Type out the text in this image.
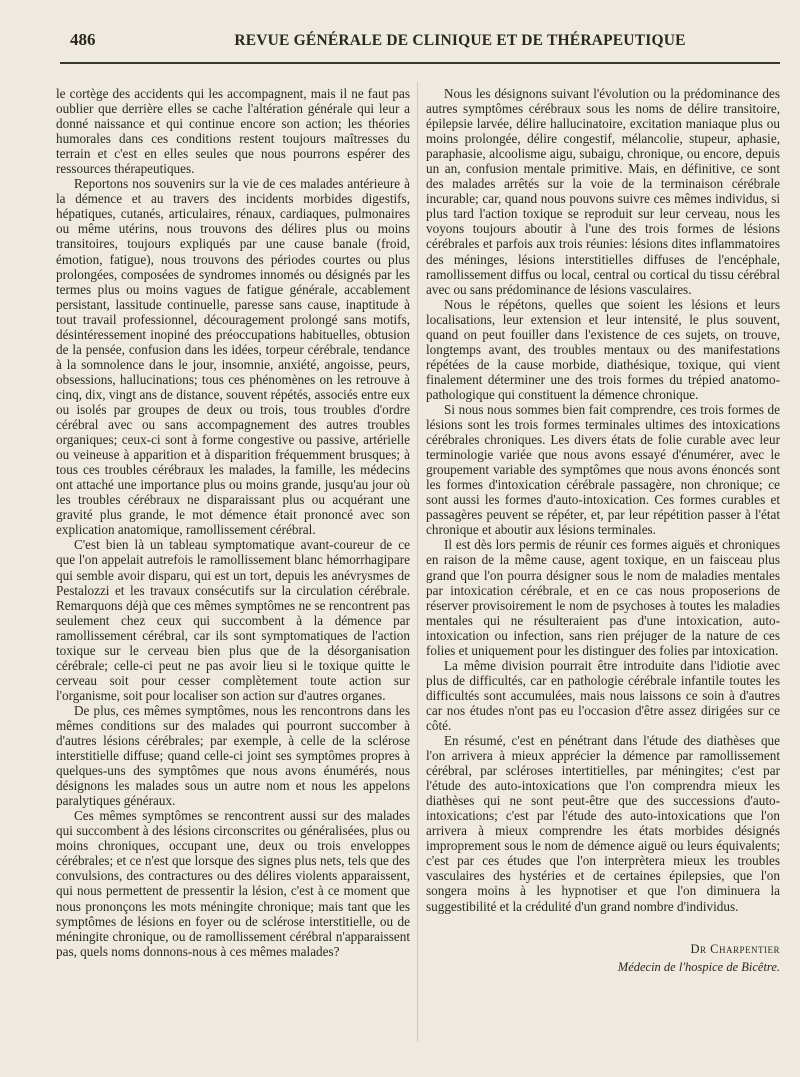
486	REVUE GÉNÉRALE DE CLINIQUE ET DE THÉRAPEUTIQUE

le cortège des accidents qui les accompagnent, mais il ne faut pas oublier que derrière elles se cache l'altération générale qui leur a donné naissance et qui continue encore son action; les théories humorales dans ces conditions restent toujours maîtresses du terrain et c'est en elles seules que nous pourrons espérer des ressources thérapeutiques.

Reportons nos souvenirs sur la vie de ces malades antérieure à la démence et au travers des incidents morbides digestifs, hépatiques, cutanés, articulaires, rénaux, cardiaques, pulmonaires ou même utérins, nous trouvons des délires plus ou moins transitoires, toujours expliqués par une cause banale (froid, émotion, fatigue), nous trouvons des périodes courtes ou plus prolongées, composées de syndromes innomés ou désignés par les termes plus ou moins vagues de fatigue générale, accablement persistant, lassitude continuelle, paresse sans cause, inaptitude à tout travail professionnel, découragement prolongé sans motifs, désintéressement inopiné des préoccupations habituelles, obtusion de la pensée, confusion dans les idées, torpeur cérébrale, tendance à la somnolence dans le jour, insomnie, anxiété, angoisse, peurs, obsessions, hallucinations; tous ces phénomènes on les retrouve à cinq, dix, vingt ans de distance, souvent répétés, associés entre eux ou isolés par groupes de deux ou trois, tous troubles d'ordre cérébral avec ou sans accompagnement des autres troubles organiques; ceux-ci sont à forme congestive ou passive, artérielle ou veineuse à apparition et à disparition fréquemment brusques; à tous ces troubles cérébraux les malades, la famille, les médecins ont attaché une importance plus ou moins grande, jusqu'au jour où les troubles cérébraux ne disparaissant plus ou acquérant une gravité plus grande, le mot démence était prononcé avec son explication anatomique, ramollissement cérébral.

C'est bien là un tableau symptomatique avant-coureur de ce que l'on appelait autrefois le ramollissement blanc hémorrhagipare qui semble avoir disparu, qui est un tort, depuis les anévrysmes de Pestalozzi et les travaux consécutifs sur la circulation cérébrale. Remarquons déjà que ces mêmes symptômes ne se rencontrent pas seulement chez ceux qui succombent à la démence par ramollissement cérébral, car ils sont symptomatiques de l'action toxique sur le cerveau bien plus que de la désorganisation cérébrale; celle-ci peut ne pas avoir lieu si le toxique quitte le cerveau soit pour cesser complètement toute action sur l'organisme, soit pour localiser son action sur d'autres organes.

De plus, ces mêmes symptômes, nous les rencontrons dans les mêmes conditions sur des malades qui pourront succomber à d'autres lésions cérébrales; par exemple, à celle de la sclérose interstitielle diffuse; quand celle-ci joint ses symptômes propres à quelques-uns des symptômes que nous avons énumérés, nous désignons les malades sous un autre nom et nous les appelons paralytiques généraux.

Ces mêmes symptômes se rencontrent aussi sur des malades qui succombent à des lésions circonscrites ou généralisées, plus ou moins chroniques, occupant une, deux ou trois enveloppes cérébrales; et ce n'est que lorsque des signes plus nets, tels que des convulsions, des contractures ou des délires violents apparaissent, qui nous permettent de pressentir la lésion, c'est à ce moment que nous prononçons les mots méningite chronique; mais tant que les symptômes de lésions en foyer ou de sclérose interstitielle, ou de méningite chronique, ou de ramollissement cérébral n'apparaissent pas, quels noms donnons-nous à ces mêmes malades?

Nous les désignons suivant l'évolution ou la prédominance des autres symptômes cérébraux sous les noms de délire transitoire, épilepsie larvée, délire hallucinatoire, excitation maniaque plus ou moins prolongée, délire congestif, mélancolie, stupeur, aphasie, paraphasie, alcoolisme aigu, subaigu, chronique, ou encore, depuis un an, confusion mentale primitive. Mais, en définitive, ce sont des malades arrêtés sur la voie de la terminaison cérébrale incurable; car, quand nous pouvons suivre ces mêmes individus, si plus tard l'action toxique se reproduit sur leur cerveau, nous les voyons toujours aboutir à l'une des trois formes de lésions cérébrales et parfois aux trois réunies: lésions dites inflammatoires des méninges, lésions interstitielles diffuses de l'encéphale, ramollissement diffus ou local, central ou cortical du tissu cérébral avec ou sans prédominance de lésions vasculaires.

Nous le répétons, quelles que soient les lésions et leurs localisations, leur extension et leur intensité, le plus souvent, quand on peut fouiller dans l'existence de ces sujets, on trouve, longtemps avant, des troubles mentaux ou des manifestations répétées de la cause morbide, diathésique, toxique, qui vient finalement déterminer une des trois formes du trépied anatomo-pathologique qui constituent la démence chronique.

Si nous nous sommes bien fait comprendre, ces trois formes de lésions sont les trois formes terminales ultimes des intoxications cérébrales chroniques. Les divers états de folie curable avec leur terminologie variée que nous avons essayé d'énumérer, avec le groupement variable des symptômes que nous avons énoncés sont les formes d'intoxication cérébrale passagère, non chronique; ce sont aussi les formes d'auto-intoxication. Ces formes curables et passagères peuvent se répéter, et, par leur répétition passer à l'état chronique et aboutir aux lésions terminales.

Il est dès lors permis de réunir ces formes aiguës et chroniques en raison de la même cause, agent toxique, en un faisceau plus grand que l'on pourra désigner sous le nom de maladies mentales par intoxication cérébrale, et en ce cas nous proposerions de réserver provisoirement le nom de psychoses à toutes les maladies mentales qui ne résulteraient pas d'une intoxication, auto-intoxication ou infection, sans rien préjuger de la nature de ces folies et uniquement pour les distinguer des folies par intoxication.

La même division pourrait être introduite dans l'idiotie avec plus de difficultés, car en pathologie cérébrale infantile toutes les difficultés sont accumulées, mais nous laissons ce soin à d'autres car nos études n'ont pas eu l'occasion d'être assez dirigées sur ce côté.

En résumé, c'est en pénétrant dans l'étude des diathèses que l'on arrivera à mieux apprécier la démence par ramollissement cérébral, par scléroses intertitielles, par méningites; c'est par l'étude des auto-intoxications que l'on comprendra mieux les diathèses qui ne sont peut-être que des successions d'auto-intoxications; c'est par l'étude des auto-intoxications que l'on arrivera à mieux comprendre les états morbides désignés improprement sous le nom de démence aiguë ou leurs équivalents; c'est par ces études que l'on interprètera mieux les troubles vasculaires des hystéries et de certaines épilepsies, que l'on songera moins à les hypnotiser et que l'on diminuera la suggestibilité et la crédulité d'un grand nombre d'individus.

Dr Charpentier
Médecin de l'hospice de Bicêtre.
